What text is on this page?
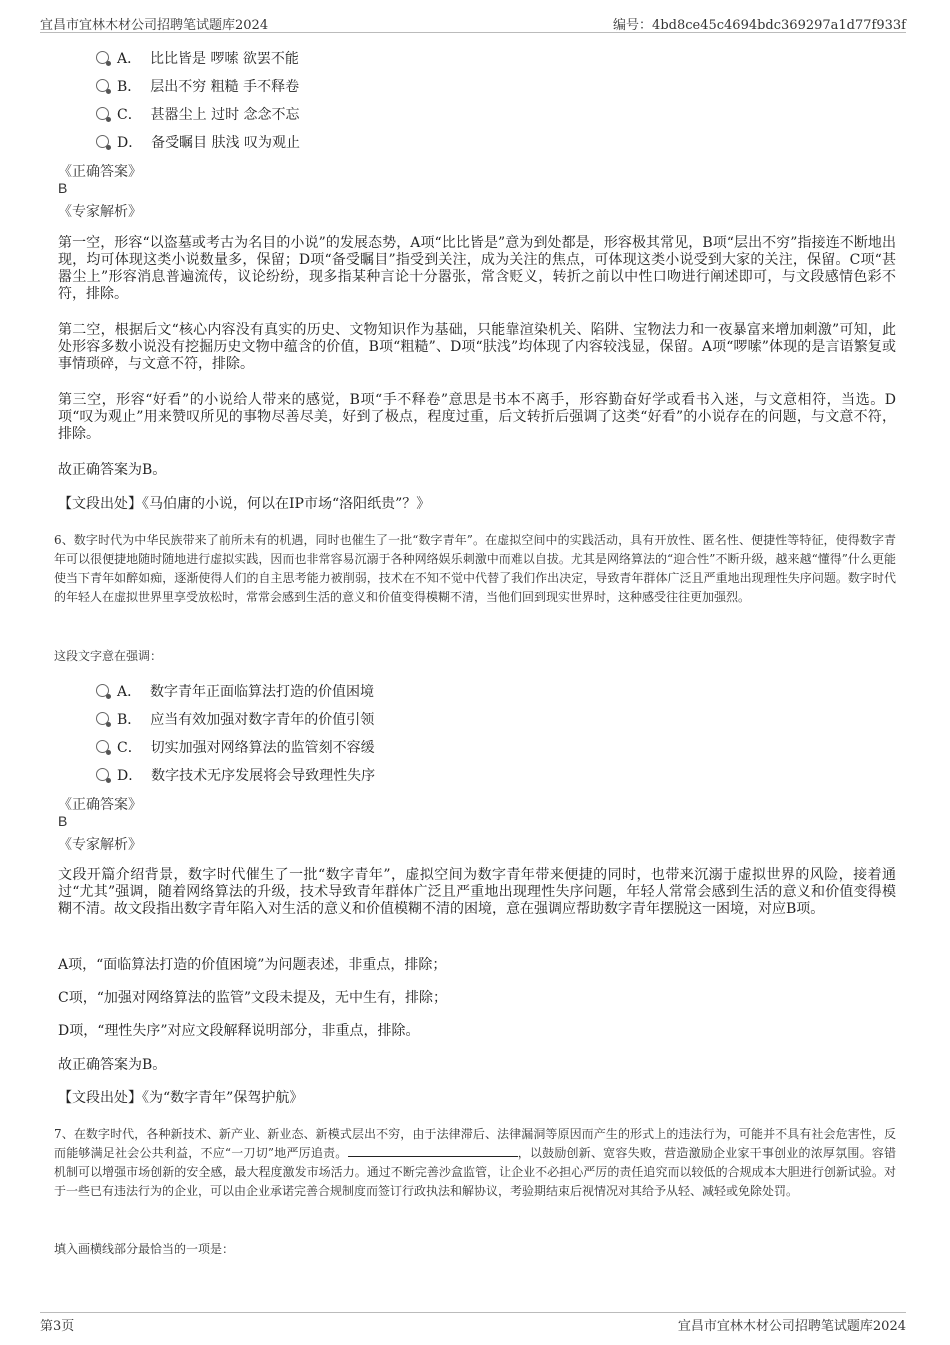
宜昌市宜林木材公司招聘笔试题库2024	编号：4bd8ce45c4694bdc369297a1d77f933f
A． 比比皆是 啰嗦 欲罢不能
B． 层出不穷 粗糙 手不释卷
C． 甚嚣尘上 过时 念念不忘
D． 备受瞩目 肤浅 叹为观止
《正确答案》
B
《专家解析》
第一空，形容“以盗墓或考古为名目的小说”的发展态势，A项“比比皆是”意为到处都是，形容极其常见，B项“层出不穷”指接连不断地出现，均可体现这类小说数量多，保留；D项“备受瞩目”指受到关注，成为关注的焦点，可体现这类小说受到大家的关注，保留。C项“甚嚣尘上”形容消息普遍流传，议论纷纷，现多指某种言论十分嚣张，常含贬义，转折之前以中性口吻进行阐述即可，与文段感情色彩不符，排除。
第二空，根据后文“核心内容没有真实的历史、文物知识作为基础，只能靠渲染机关、陷阱、宝物法力和一夜暴富来增加刺激”可知，此处形容多数小说没有挖掘历史文物中蕴含的价值，B项“粗糙”、D项“肤浅”均体现了内容较浅显，保留。A项“啰嗦”体现的是言语繁复或事情琐碎，与文意不符，排除。
第三空，形容“好看”的小说给人带来的感觉，B项“手不释卷”意思是书本不离手，形容勤奋好学或看书入迷，与文意相符，当选。D项“叹为观止”用来赞叹所见的事物尽善尽美，好到了极点，程度过重，后文转折后强调了这类“好看”的小说存在的问题，与文意不符，排除。
故正确答案为B。
【文段出处】《马伯庸的小说，何以在IP市场“洛阳纸贵”？》
6、数字时代为中华民族带来了前所未有的机遇，同时也催生了一批“数字青年”。在虚拟空间中的实践活动，具有开放性、匿名性、便捷性等特征，使得数字青年可以很便捷地随时随地进行虚拟实践，因而也非常容易沉溺于各种网络娱乐刺激中而难以自拔。尤其是网络算法的“迎合性”不断升级，越来越“懂得”什么更能使当下青年如醉如痴，逐渐使得人们的自主思考能力被削弱，技术在不知不觉中代替了我们作出决定，导致青年群体广泛且严重地出现理性失序问题。数字时代的年轻人在虚拟世界里享受放松时，常常会感到生活的意义和价值变得模糊不清，当他们回到现实世界时，这种感受往往更加强烈。
这段文字意在强调：
A． 数字青年正面临算法打造的价值困境
B． 应当有效加强对数字青年的价值引领
C． 切实加强对网络算法的监管刻不容缓
D． 数字技术无序发展将会导致理性失序
《正确答案》
B
《专家解析》
文段开篇介绍背景，数字时代催生了一批“数字青年”，虚拟空间为数字青年带来便捷的同时，也带来沉溺于虚拟世界的风险，接着通过“尤其”强调，随着网络算法的升级，技术导致青年群体广泛且严重地出现理性失序问题，年轻人常常会感到生活的意义和价值变得模糊不清。故文段指出数字青年陷入对生活的意义和价值模糊不清的困境，意在强调应帮助数字青年摆脱这一困境，对应B项。
A项，“面临算法打造的价值困境”为问题表述，非重点，排除；
C项，“加强对网络算法的监管”文段未提及，无中生有，排除；
D项，“理性失序”对应文段解释说明部分，非重点，排除。
故正确答案为B。
【文段出处】《为“数字青年”保驾护航》
7、在数字时代，各种新技术、新产业、新业态、新模式层出不穷，由于法律滞后、法律漏洞等原因而产生的形式上的违法行为，可能并不具有社会危害性，反而能够满足社会公共利益，不应“一刀切”地严厉追责。	，以鼓励创新、宽容失败，营造激励企业家干事创业的浓厚氛围。容错机制可以增强市场创新的安全感，最大程度激发市场活力。通过不断完善沙盒监管，让企业不必担心严厉的责任追究而以较低的合规成本大胆进行创新试验。对于一些已有违法行为的企业，可以由企业承诺完善合规制度而签订行政执法和解协议，考验期结束后视情况对其给予从轻、减轻或免除处罚。
填入画横线部分最恰当的一项是：
第3页	宜昌市宜林木材公司招聘笔试题库2024
